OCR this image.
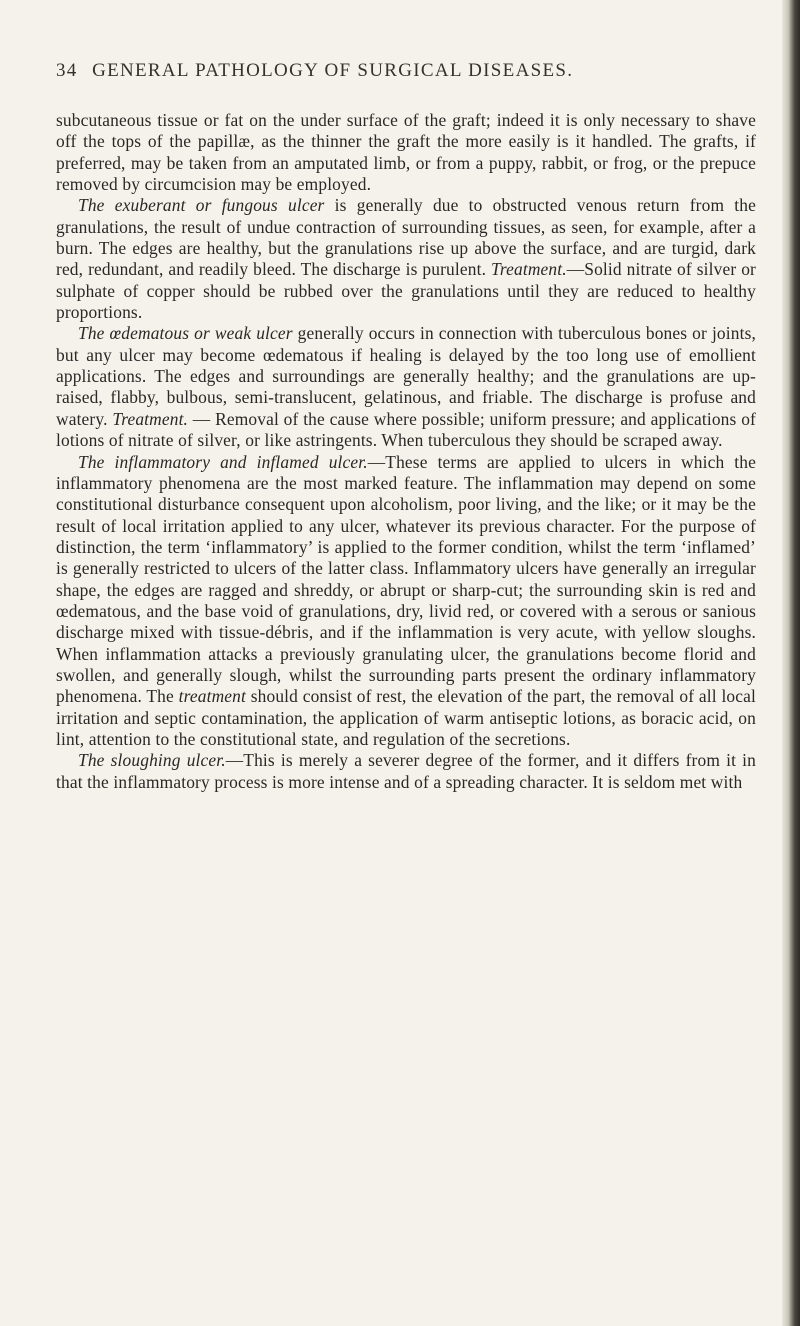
34 GENERAL PATHOLOGY OF SURGICAL DISEASES.

subcutaneous tissue or fat on the under surface of the graft; indeed it is only necessary to shave off the tops of the papillæ, as the thinner the graft the more easily is it handled. The grafts, if preferred, may be taken from an amputated limb, or from a puppy, rabbit, or frog, or the prepuce removed by circumcision may be employed.

The exuberant or fungous ulcer is generally due to obstructed venous return from the granulations, the result of undue contraction of surrounding tissues, as seen, for example, after a burn. The edges are healthy, but the granulations rise up above the surface, and are turgid, dark red, redundant, and readily bleed. The discharge is purulent. Treatment.—Solid nitrate of silver or sulphate of copper should be rubbed over the granulations until they are reduced to healthy proportions.

The œdematous or weak ulcer generally occurs in connection with tuberculous bones or joints, but any ulcer may become œdematous if healing is delayed by the too long use of emollient applications. The edges and surroundings are generally healthy; and the granulations are up-raised, flabby, bulbous, semi-translucent, gelatinous, and friable. The discharge is profuse and watery. Treatment. — Removal of the cause where possible; uniform pressure; and applications of lotions of nitrate of silver, or like astringents. When tuberculous they should be scraped away.

The inflammatory and inflamed ulcer.—These terms are applied to ulcers in which the inflammatory phenomena are the most marked feature. The inflammation may depend on some constitutional disturbance consequent upon alcoholism, poor living, and the like; or it may be the result of local irritation applied to any ulcer, whatever its previous character. For the purpose of distinction, the term ‘inflammatory’ is applied to the former condition, whilst the term ‘inflamed’ is generally restricted to ulcers of the latter class. Inflammatory ulcers have generally an irregular shape, the edges are ragged and shreddy, or abrupt or sharp-cut; the surrounding skin is red and œdematous, and the base void of granulations, dry, livid red, or covered with a serous or sanious discharge mixed with tissue-débris, and if the inflammation is very acute, with yellow sloughs. When inflammation attacks a previously granulating ulcer, the granulations become florid and swollen, and generally slough, whilst the surrounding parts present the ordinary inflammatory phenomena. The treatment should consist of rest, the elevation of the part, the removal of all local irritation and septic contamination, the application of warm antiseptic lotions, as boracic acid, on lint, attention to the constitutional state, and regulation of the secretions.

The sloughing ulcer.—This is merely a severer degree of the former, and it differs from it in that the inflammatory process is more intense and of a spreading character. It is seldom met with
